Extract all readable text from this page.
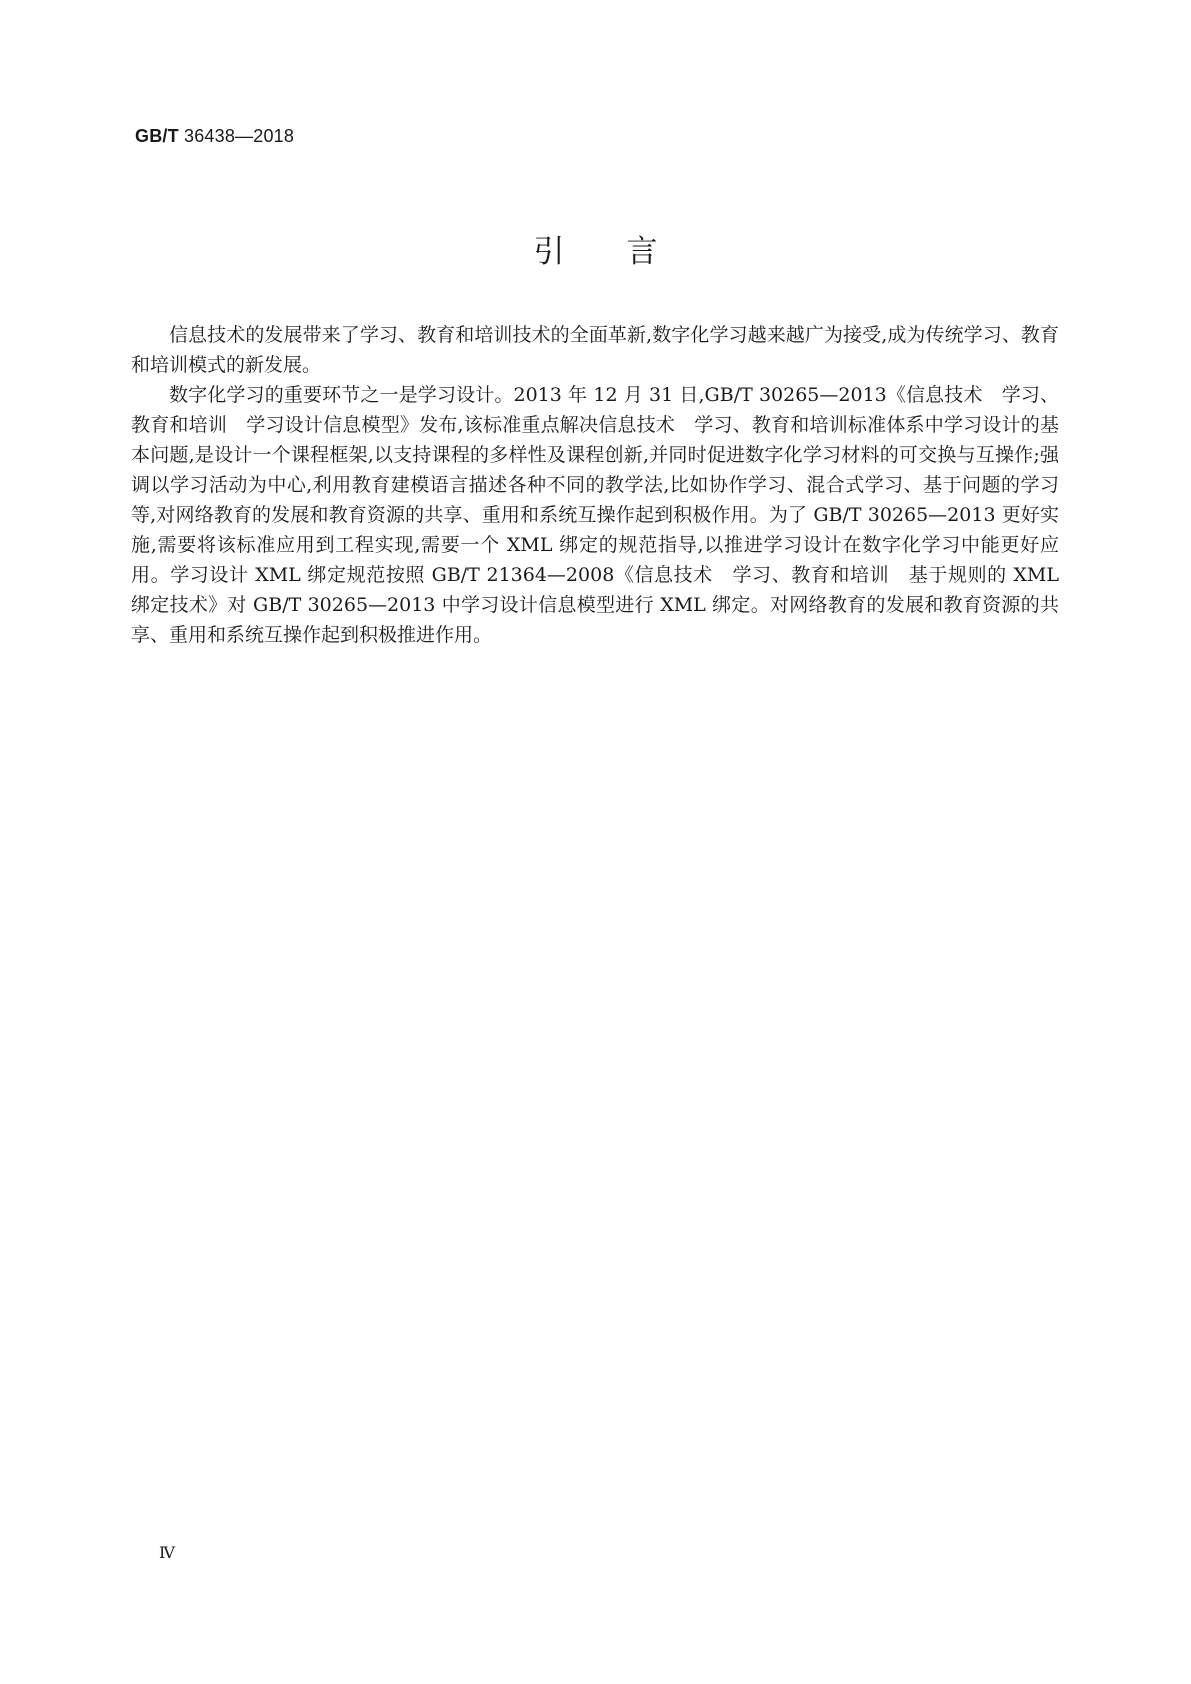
GB/T 36438—2018
引言

信息技术的发展带来了学习、教育和培训技术的全面革新,数字化学习越来越广为接受,成为传统学习、教育和培训模式的新发展。

数字化学习的重要环节之一是学习设计。2013 年 12 月 31 日,GB/T 30265—2013《信息技术　学习、教育和培训　学习设计信息模型》发布,该标准重点解决信息技术　学习、教育和培训标准体系中学习设计的基本问题,是设计一个课程框架,以支持课程的多样性及课程创新,并同时促进数字化学习材料的可交换与互操作;强调以学习活动为中心,利用教育建模语言描述各种不同的教学法,比如协作学习、混合式学习、基于问题的学习等,对网络教育的发展和教育资源的共享、重用和系统互操作起到积极作用。为了 GB/T 30265—2013 更好实施,需要将该标准应用到工程实现,需要一个 XML 绑定的规范指导,以推进学习设计在数字化学习中能更好应用。学习设计 XML 绑定规范按照 GB/T 21364—2008《信息技术　学习、教育和培训　基于规则的 XML 绑定技术》对 GB/T 30265—2013 中学习设计信息模型进行 XML 绑定。对网络教育的发展和教育资源的共享、重用和系统互操作起到积极推进作用。

Ⅳ
